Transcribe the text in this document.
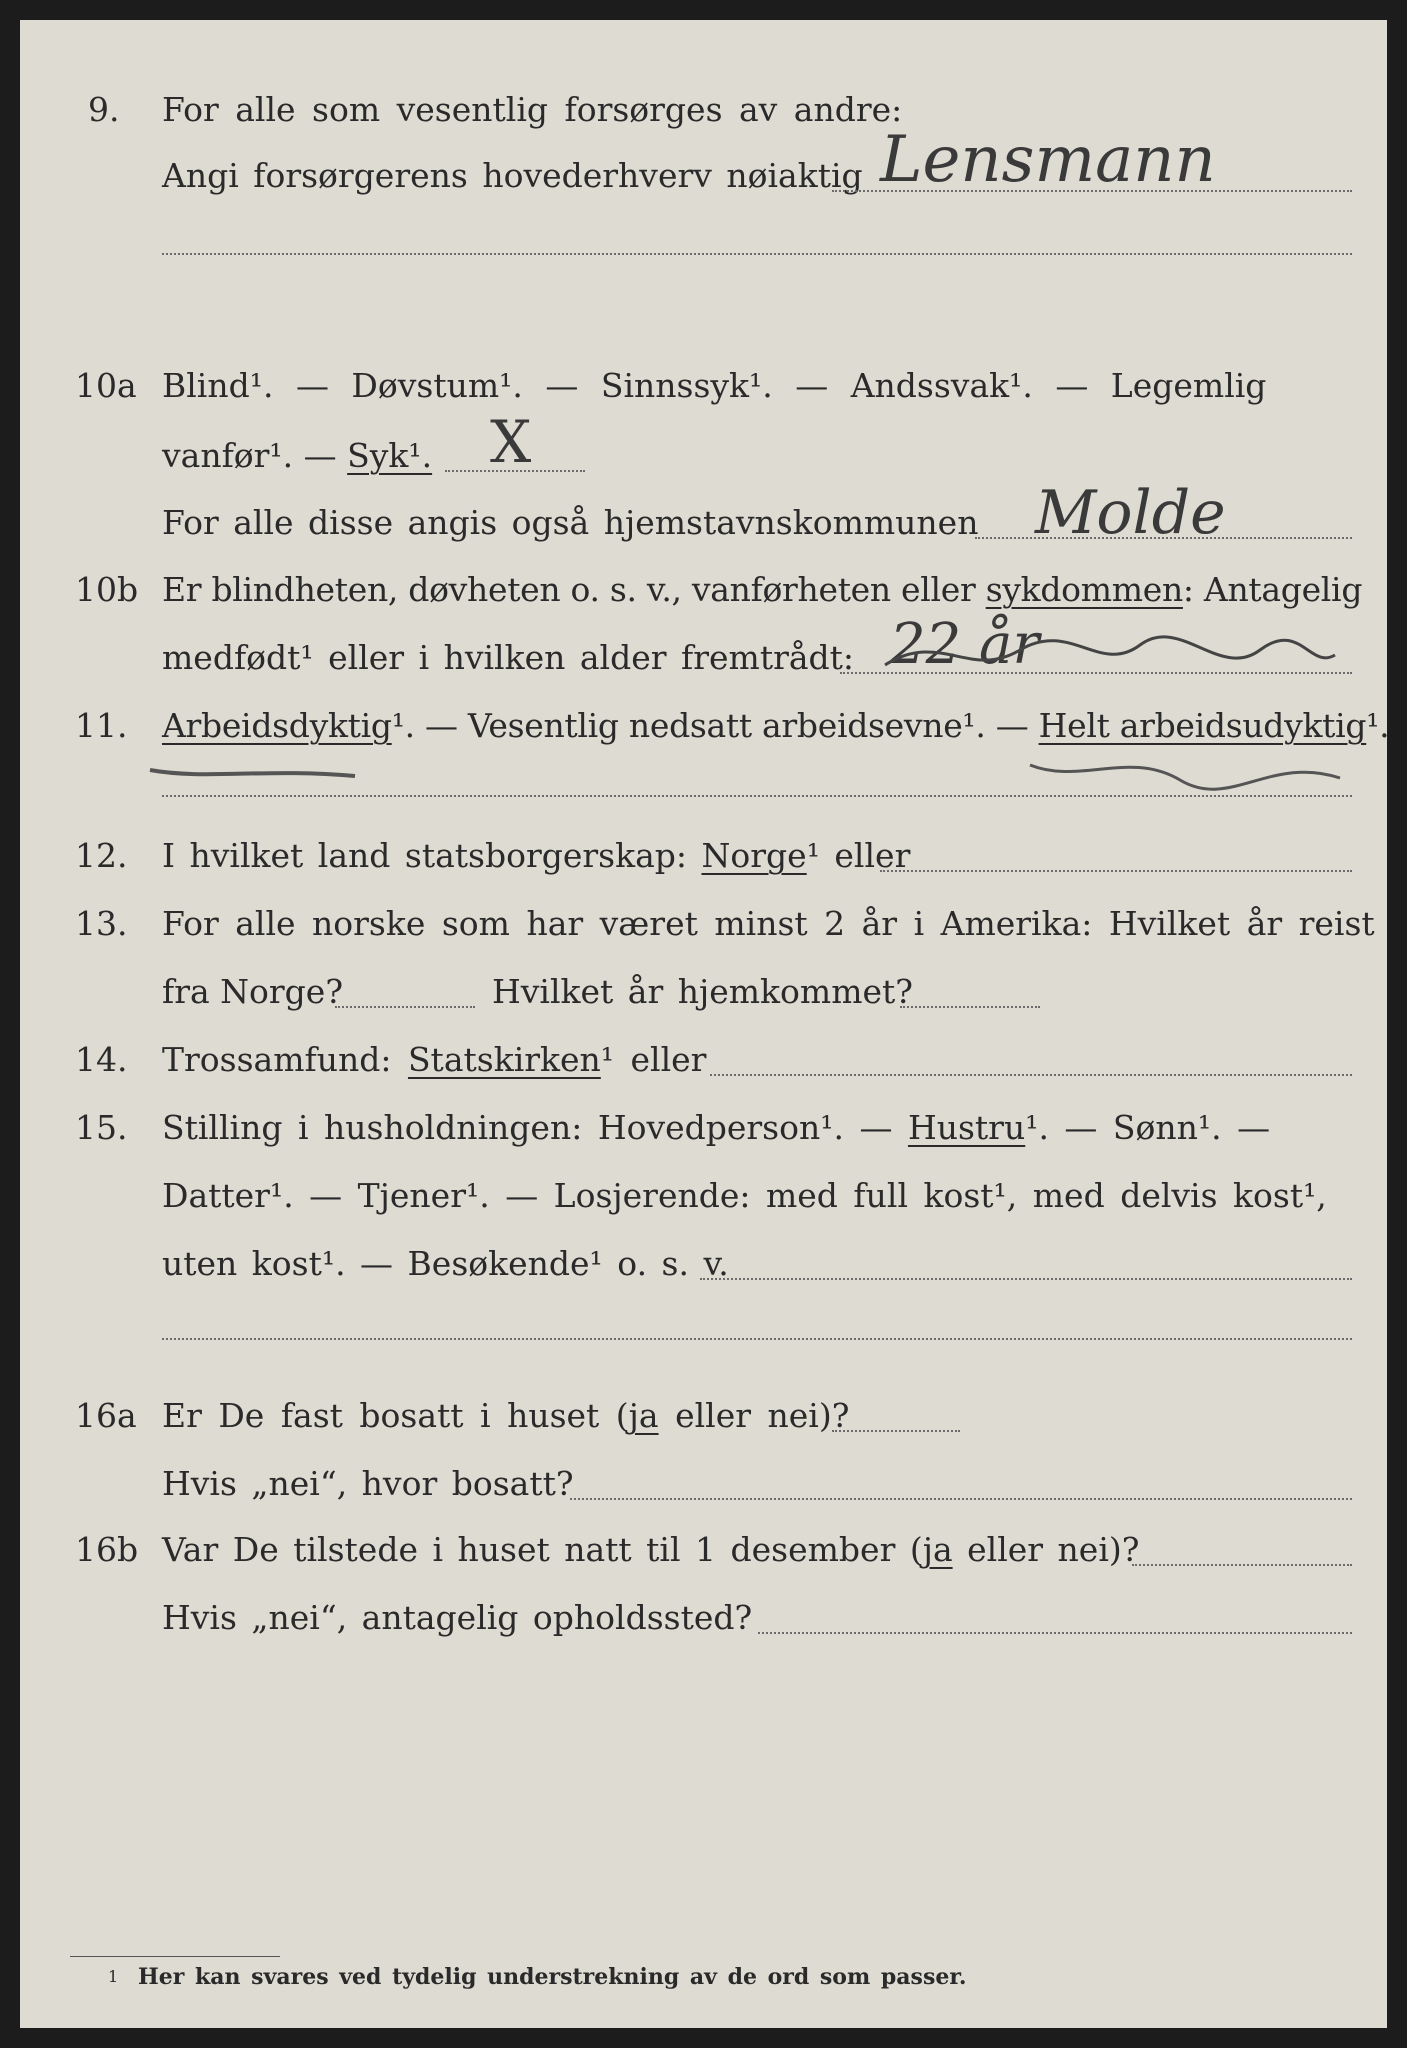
9. For alle som vesentlig forsørges av andre:
Angi forsørgerens hovederhverv nøiaktig Lensmann
10a Blind¹. — Døvstum¹. — Sinnssyk¹. — Andssvak¹. — Legemlig
vanfør¹. — Syk¹. X
For alle disse angis også hjemstavnskommunen Molde
10b Er blindheten, døvheten o. s. v., vanførheten eller sykdommen: Antagelig
medfødt¹ eller i hvilken alder fremtrådt: 22 år
11. Arbeidsdyktig¹. — Vesentlig nedsatt arbeidsevne¹. — Helt arbeidsudyktig¹.
12. I hvilket land statsborgerskap: Norge¹ eller
13. For alle norske som har været minst 2 år i Amerika: Hvilket år reist
fra Norge?	Hvilket år hjemkommet?
14. Trossamfund: Statskirken¹ eller
15. Stilling i husholdningen: Hovedperson¹. — Hustru¹. — Sønn¹. —
Datter¹. — Tjener¹. — Losjerende: med full kost¹, med delvis kost¹,
uten kost¹. — Besøkende¹ o. s. v.
16a Er De fast bosatt i huset (ja eller nei)?
Hvis „nei“, hvor bosatt?
16b Var De tilstede i huset natt til 1 desember (ja eller nei)?
Hvis „nei“, antagelig opholdssted?
1 Her kan svares ved tydelig understrekning av de ord som passer.
